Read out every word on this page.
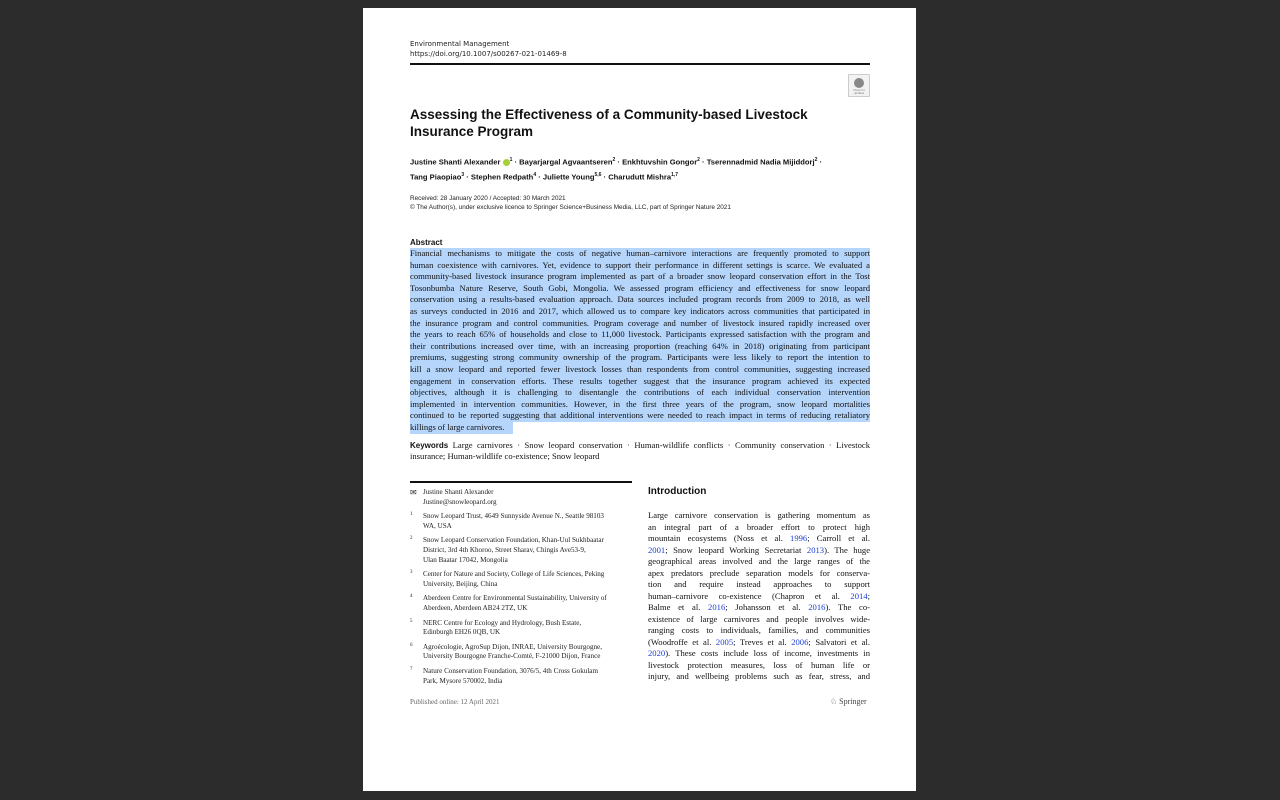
Environmental Management
https://doi.org/10.1007/s00267-021-01469-8
Check for updates
Assessing the Effectiveness of a Community-based Livestock
Insurance Program
Justine Shanti Alexander $^1$ · Bayarjargal Agvaantseren$^2$ · Enkhtuvshin Gongor$^2$ · Tserennadmid Nadia Mijiddorj$^2$ ·
Tang Piaopiao$^3$ · Stephen Redpath$^4$ · Juliette Young$^{5,6}$ · Charudutt Mishra$^{1,7}$
Received: 28 January 2020 / Accepted: 30 March 2021
© The Author(s), under exclusive licence to Springer Science+Business Media, LLC, part of Springer Nature 2021
Abstract
Financial mechanisms to mitigate the costs of negative human–carnivore interactions are frequently promoted to support
human coexistence with carnivores. Yet, evidence to support their performance in different settings is scarce. We evaluated a
community-based livestock insurance program implemented as part of a broader snow leopard conservation effort in the Tost
Tosonbumba Nature Reserve, South Gobi, Mongolia. We assessed program efficiency and effectiveness for snow leopard
conservation using a results-based evaluation approach. Data sources included program records from 2009 to 2018, as well
as surveys conducted in 2016 and 2017, which allowed us to compare key indicators across communities that participated in
the insurance program and control communities. Program coverage and number of livestock insured rapidly increased over
the years to reach 65% of households and close to 11,000 livestock. Participants expressed satisfaction with the program and
their contributions increased over time, with an increasing proportion (reaching 64% in 2018) originating from participant
premiums, suggesting strong community ownership of the program. Participants were less likely to report the intention to
kill a snow leopard and reported fewer livestock losses than respondents from control communities, suggesting increased
engagement in conservation efforts. These results together suggest that the insurance program achieved its expected
objectives, although it is challenging to disentangle the contributions of each individual conservation intervention
implemented in intervention communities. However, in the first three years of the program, snow leopard mortalities
continued to be reported suggesting that additional interventions were needed to reach impact in terms of reducing retaliatory
killings of large carnivores.
Keywords Large carnivores · Snow leopard conservation · Human-wildlife conflicts · Community conservation · Livestock
insurance; Human-wildlife co-existence; Snow leopard
✉ Justine Shanti Alexander
Justine@snowleopard.org
1 Snow Leopard Trust, 4649 Sunnyside Avenue N., Seattle 98103
WA, USA
2 Snow Leopard Conservation Foundation, Khan-Uul Sukhbaatar
District, 3rd 4th Khoroo, Street Sharav, Chingis Ave53-9,
Ulan Baatar 17042, Mongolia
3 Center for Nature and Society, College of Life Sciences, Peking
University, Beijing, China
4 Aberdeen Centre for Environmental Sustainability, University of
Aberdeen, Aberdeen AB24 2TZ, UK
5 NERC Centre for Ecology and Hydrology, Bush Estate,
Edinburgh EH26 0QB, UK
6 Agroécologie, AgroSup Dijon, INRAE, University Bourgogne,
University Bourgogne Franche-Comté, F-21000 Dijon, France
7 Nature Conservation Foundation, 3076/5, 4th Cross Gokulam
Park, Mysore 570002, India
Published online: 12 April 2021
Introduction
Large carnivore conservation is gathering momentum as
an integral part of a broader effort to protect high
mountain ecosystems (Noss et al. 1996; Carroll et al.
2001; Snow leopard Working Secretariat 2013). The huge
geographical areas involved and the large ranges of the
apex predators preclude separation models for conserva-
tion and require instead approaches to support
human–carnivore co-existence (Chapron et al. 2014;
Balme et al. 2016; Johansson et al. 2016). The co-
existence of large carnivores and people involves wide-
ranging costs to individuals, families, and communities
(Woodroffe et al. 2005; Treves et al. 2006; Salvatori et al.
2020). These costs include loss of income, investments in
livestock protection measures, loss of human life or
injury, and wellbeing problems such as fear, stress, and
♘ Springer
